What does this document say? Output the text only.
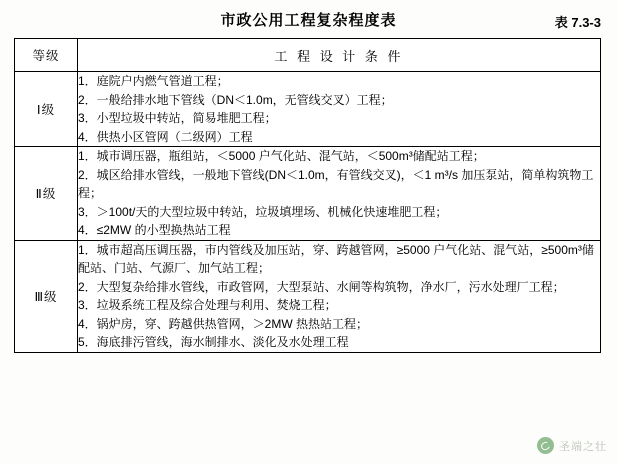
市政公用工程复杂程度表	表 7.3-3
等级	工 程 设 计 条 件
Ⅰ级	
1．庭院户内燃气管道工程；
2．一般给排水地下管线（DN＜1.0m，无管线交叉）工程；
3．小型垃圾中转站，简易堆肥工程；
4．供热小区管网（二级网）工程

Ⅱ级	
1．城市调压器，瓶组站，＜5000 户气化站、混气站，＜500m³储配站工程；
2．城区给排水管线，一般地下管线(DN＜1.0m，有管线交叉)，＜1 m³/s 加压泵站，简单构筑物工程；
3．＞100t/天的大型垃圾中转站，垃圾填埋场、机械化快速堆肥工程；
4．≤2MW 的小型换热站工程

Ⅲ级	
1．城市超高压调压器，市内管线及加压站，穿、跨越管网，≥5000 户气化站、混气站，≥500m³储配站、门站、气源厂、加气站工程；
2．大型复杂给排水管线，市政管网，大型泵站、水闸等构筑物，净水厂，污水处理厂工程；
3．垃圾系统工程及综合处理与利用、焚烧工程；
4．锅炉房，穿、跨越供热管网，＞2MW 热热站工程；
5．海底排污管线，海水制排水、淡化及水处理工程
圣端之壮
